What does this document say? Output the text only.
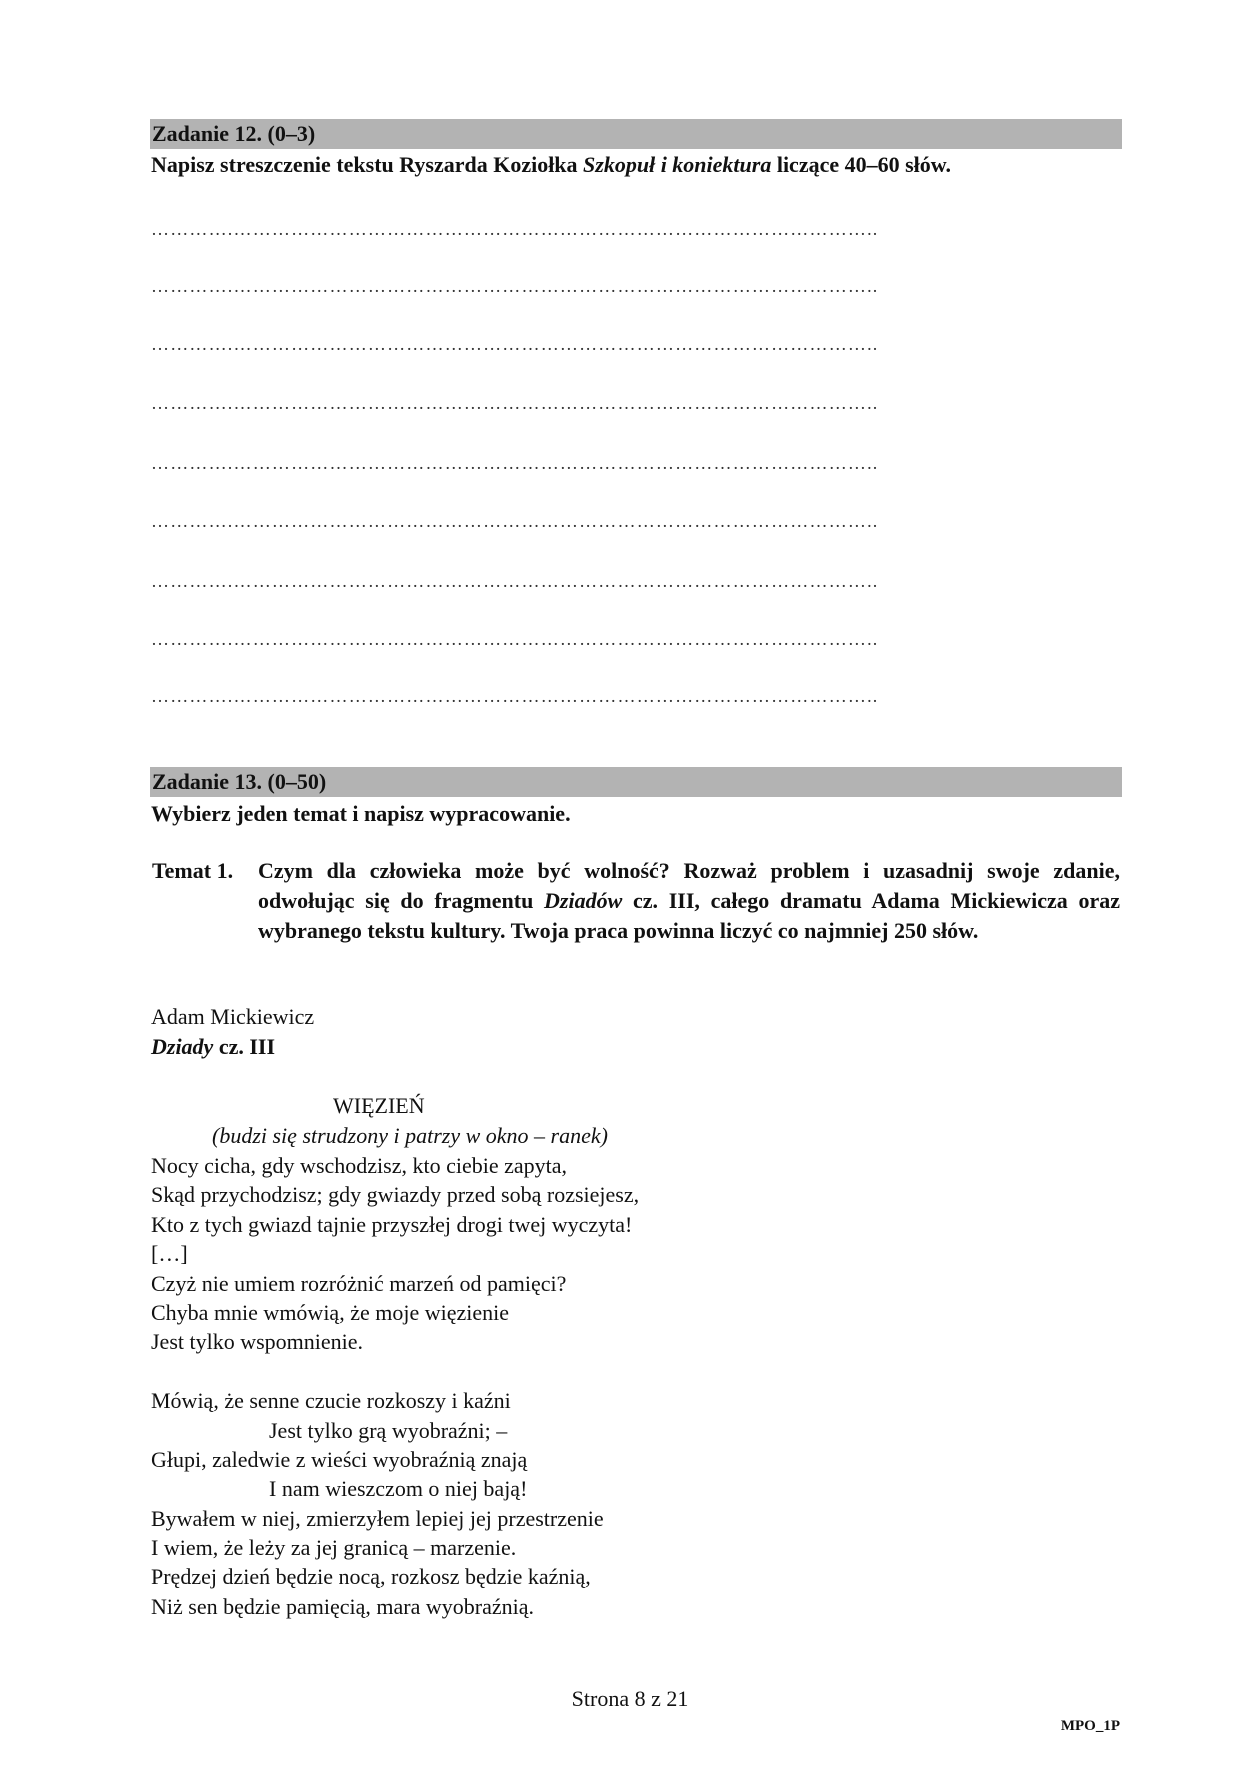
Zadanie 12. (0–3)
Napisz streszczenie tekstu Ryszarda Koziołka Szkopuł i koniektura liczące 40–60 słów.
………….………………………………………………………………………………………..
………….………………………………………………………………………………………..
………….………………………………………………………………………………………..
………….………………………………………………………………………………………..
………….………………………………………………………………………………………..
………….………………………………………………………………………………………..
………….………………………………………………………………………………………..
………….………………………………………………………………………………………..
………….………………………………………………………………………………………..
Zadanie 13. (0–50)
Wybierz jeden temat i napisz wypracowanie.
Temat 1. Czym dla człowieka może być wolność? Rozważ problem i uzasadnij swoje zdanie, odwołując się do fragmentu Dziadów cz. III, całego dramatu Adama Mickiewicza oraz wybranego tekstu kultury. Twoja praca powinna liczyć co najmniej 250 słów.
Adam Mickiewicz
Dziady cz. III
WIĘZIEŃ
(budzi się strudzony i patrzy w okno – ranek)
Nocy cicha, gdy wschodzisz, kto ciebie zapyta,
Skąd przychodzisz; gdy gwiazdy przed sobą rozsiejesz,
Kto z tych gwiazd tajnie przyszłej drogi twej wyczyta!
[…]
Czyż nie umiem rozróżnić marzeń od pamięci?
Chyba mnie wmówią, że moje więzienie
Jest tylko wspomnienie.
Mówią, że senne czucie rozkoszy i kaźni
Jest tylko grą wyobraźni; –
Głupi, zaledwie z wieści wyobraźnią znają
I nam wieszczom o niej bają!
Bywałem w niej, zmierzyłem lepiej jej przestrzenie
I wiem, że leży za jej granicą – marzenie.
Prędzej dzień będzie nocą, rozkosz będzie kaźnią,
Niż sen będzie pamięcią, mara wyobraźnią.
Strona 8 z 21
MPO_1P
